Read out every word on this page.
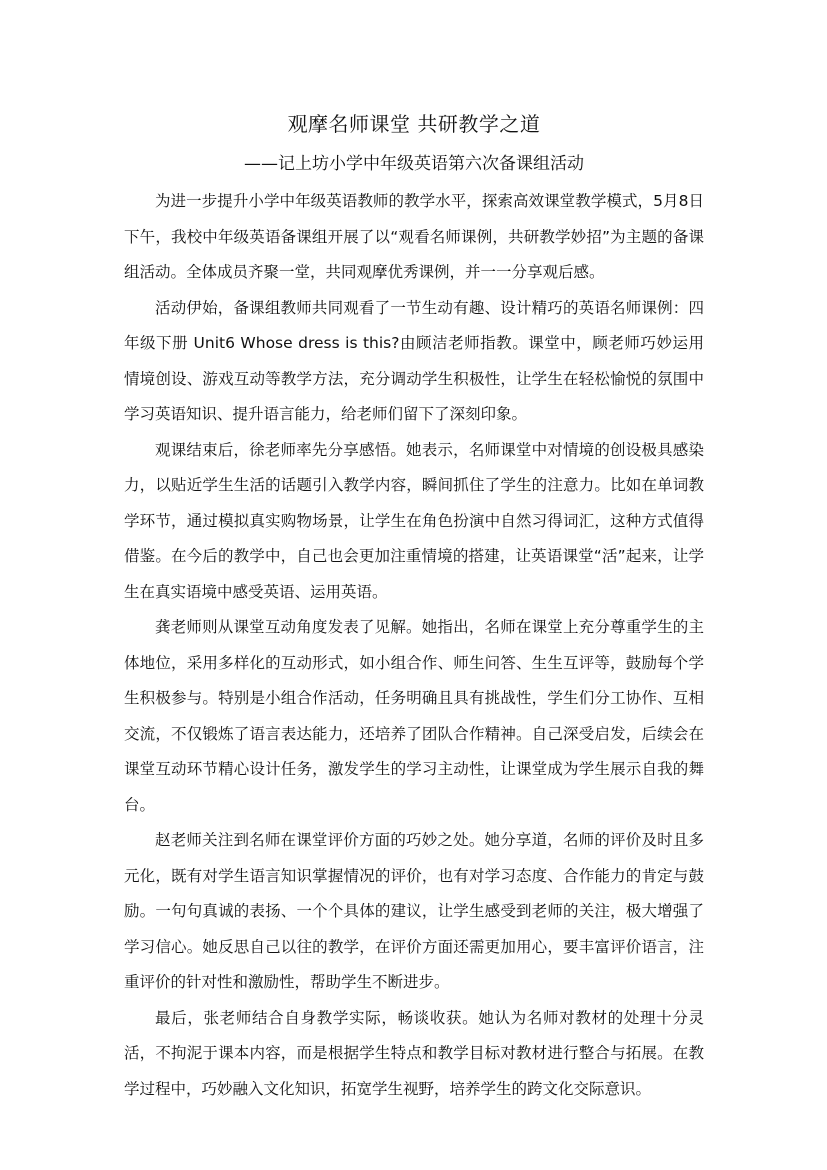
观摩名师课堂 共研教学之道
——记上坊小学中年级英语第六次备课组活动

为进一步提升小学中年级英语教师的教学水平，探索高效课堂教学模式，5月8日下午，我校中年级英语备课组开展了以“观看名师课例，共研教学妙招”为主题的备课组活动。全体成员齐聚一堂，共同观摩优秀课例，并一一分享观后感。

活动伊始，备课组教师共同观看了一节生动有趣、设计精巧的英语名师课例：四年级下册 Unit6 Whose dress is this?由顾洁老师指教。课堂中，顾老师巧妙运用情境创设、游戏互动等教学方法，充分调动学生积极性，让学生在轻松愉悦的氛围中学习英语知识、提升语言能力，给老师们留下了深刻印象。

观课结束后，徐老师率先分享感悟。她表示，名师课堂中对情境的创设极具感染力，以贴近学生生活的话题引入教学内容，瞬间抓住了学生的注意力。比如在单词教学环节，通过模拟真实购物场景，让学生在角色扮演中自然习得词汇，这种方式值得借鉴。在今后的教学中，自己也会更加注重情境的搭建，让英语课堂“活”起来，让学生在真实语境中感受英语、运用英语。

龚老师则从课堂互动角度发表了见解。她指出，名师在课堂上充分尊重学生的主体地位，采用多样化的互动形式，如小组合作、师生问答、生生互评等，鼓励每个学生积极参与。特别是小组合作活动，任务明确且具有挑战性，学生们分工协作、互相交流，不仅锻炼了语言表达能力，还培养了团队合作精神。自己深受启发，后续会在课堂互动环节精心设计任务，激发学生的学习主动性，让课堂成为学生展示自我的舞台。

赵老师关注到名师在课堂评价方面的巧妙之处。她分享道，名师的评价及时且多元化，既有对学生语言知识掌握情况的评价，也有对学习态度、合作能力的肯定与鼓励。一句句真诚的表扬、一个个具体的建议，让学生感受到老师的关注，极大增强了学习信心。她反思自己以往的教学，在评价方面还需更加用心，要丰富评价语言，注重评价的针对性和激励性，帮助学生不断进步。

最后，张老师结合自身教学实际，畅谈收获。她认为名师对教材的处理十分灵活，不拘泥于课本内容，而是根据学生特点和教学目标对教材进行整合与拓展。在教学过程中，巧妙融入文化知识，拓宽学生视野，培养学生的跨文化交际意识。
